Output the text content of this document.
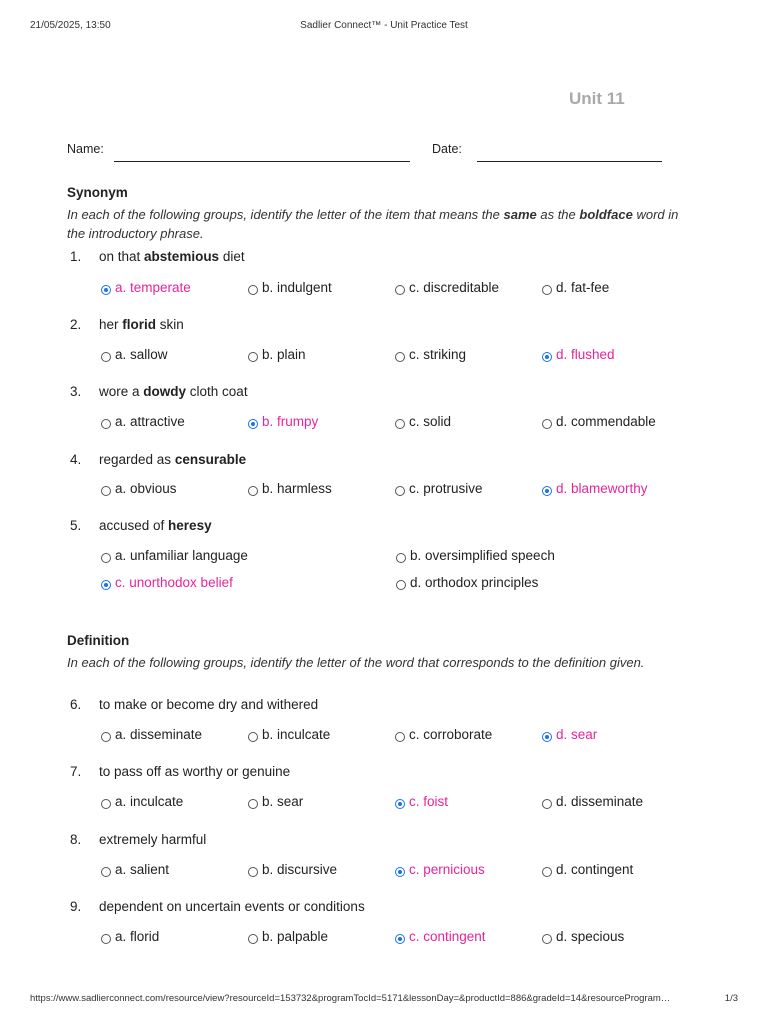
21/05/2025, 13:50	Sadlier Connect™ - Unit Practice Test
Unit 11
Name:	Date:
Synonym
In each of the following groups, identify the letter of the item that means the same as the boldface word in the introductory phrase.
Definition
In each of the following groups, identify the letter of the word that corresponds to the definition given.
1. on that abstemious diet
a. temperate	b. indulgent	c. discreditable	d. fat-fee
2. her florid skin
a. sallow	b. plain	c. striking	d. flushed
3. wore a dowdy cloth coat
a. attractive	b. frumpy	c. solid	d. commendable
4. regarded as censurable
a. obvious	b. harmless	c. protrusive	d. blameworthy
5. accused of heresy
a. unfamiliar language	b. oversimplified speech
c. unorthodox belief	d. orthodox principles
6. to make or become dry and withered
a. disseminate	b. inculcate	c. corroborate	d. sear
7. to pass off as worthy or genuine
a. inculcate	b. sear	c. foist	d. disseminate
8. extremely harmful
a. salient	b. discursive	c. pernicious	d. contingent
9. dependent on uncertain events or conditions
a. florid	b. palpable	c. contingent	d. specious
https://www.sadlierconnect.com/resource/view?resourceId=153732&programTocId=5171&lessonDay=&productId=886&gradeId=14&resourceProgram…	1/3
